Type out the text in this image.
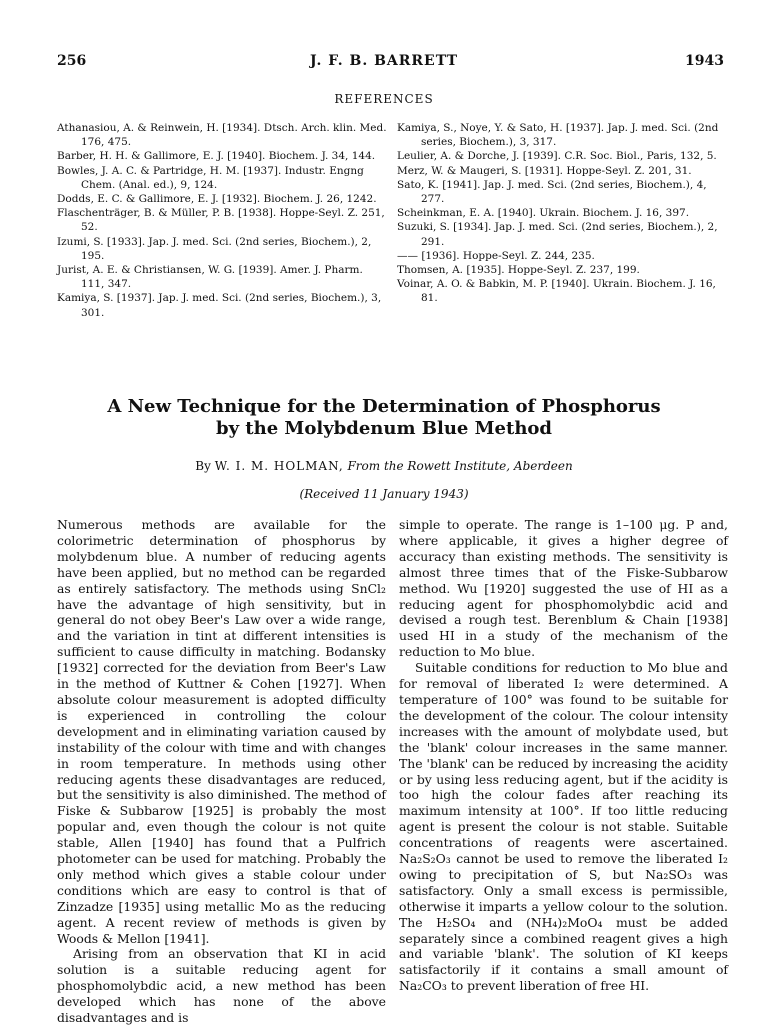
256	J. F. B. BARRETT	1943
REFERENCES

Athanasiou, A. & Reinwein, H. [1934]. Dtsch. Arch. klin. Med. 176, 475.

Barber, H. H. & Gallimore, E. J. [1940]. Biochem. J. 34, 144.

Bowles, J. A. C. & Partridge, H. M. [1937]. Industr. Engng Chem. (Anal. ed.), 9, 124.

Dodds, E. C. & Gallimore, E. J. [1932]. Biochem. J. 26, 1242.

Flaschenträger, B. & Müller, P. B. [1938]. Hoppe-Seyl. Z. 251, 52.

Izumi, S. [1933]. Jap. J. med. Sci. (2nd series, Biochem.), 2, 195.

Jurist, A. E. & Christiansen, W. G. [1939]. Amer. J. Pharm. 111, 347.

Kamiya, S. [1937]. Jap. J. med. Sci. (2nd series, Biochem.), 3, 301.

Kamiya, S., Noye, Y. & Sato, H. [1937]. Jap. J. med. Sci. (2nd series, Biochem.), 3, 317.

Leulier, A. & Dorche, J. [1939]. C.R. Soc. Biol., Paris, 132, 5.

Merz, W. & Maugeri, S. [1931]. Hoppe-Seyl. Z. 201, 31.

Sato, K. [1941]. Jap. J. med. Sci. (2nd series, Biochem.), 4, 277.

Scheinkman, E. A. [1940]. Ukrain. Biochem. J. 16, 397.

Suzuki, S. [1934]. Jap. J. med. Sci. (2nd series, Biochem.), 2, 291.

—— [1936]. Hoppe-Seyl. Z. 244, 235.

Thomsen, A. [1935]. Hoppe-Seyl. Z. 237, 199.

Voinar, A. O. & Babkin, M. P. [1940]. Ukrain. Biochem. J. 16, 81.

A New Technique for the Determination of Phosphorus
by the Molybdenum Blue Method
By W. I. M. HOLMAN, From the Rowett Institute, Aberdeen
(Received 11 January 1943)

Numerous methods are available for the colorimetric determination of phosphorus by molybdenum blue. A number of reducing agents have been applied, but no method can be regarded as entirely satisfactory. The methods using SnCl₂ have the advantage of high sensitivity, but in general do not obey Beer's Law over a wide range, and the variation in tint at different intensities is sufficient to cause difficulty in matching. Bodansky [1932] corrected for the deviation from Beer's Law in the method of Kuttner & Cohen [1927]. When absolute colour measurement is adopted difficulty is experienced in controlling the colour development and in eliminating variation caused by instability of the colour with time and with changes in room temperature. In methods using other reducing agents these disadvantages are reduced, but the sensitivity is also diminished. The method of Fiske & Subbarow [1925] is probably the most popular and, even though the colour is not quite stable, Allen [1940] has found that a Pulfrich photometer can be used for matching. Probably the only method which gives a stable colour under conditions which are easy to control is that of Zinzadze [1935] using metallic Mo as the reducing agent. A recent review of methods is given by Woods & Mellon [1941].

Arising from an observation that KI in acid solution is a suitable reducing agent for phosphomolybdic acid, a new method has been developed which has none of the above disadvantages and is

simple to operate. The range is 1–100 μg. P and, where applicable, it gives a higher degree of accuracy than existing methods. The sensitivity is almost three times that of the Fiske-Subbarow method. Wu [1920] suggested the use of HI as a reducing agent for phosphomolybdic acid and devised a rough test. Berenblum & Chain [1938] used HI in a study of the mechanism of the reduction to Mo blue.

Suitable conditions for reduction to Mo blue and for removal of liberated I₂ were determined. A temperature of 100° was found to be suitable for the development of the colour. The colour intensity increases with the amount of molybdate used, but the 'blank' colour increases in the same manner. The 'blank' can be reduced by increasing the acidity or by using less reducing agent, but if the acidity is too high the colour fades after reaching its maximum intensity at 100°. If too little reducing agent is present the colour is not stable. Suitable concentrations of reagents were ascertained. Na₂S₂O₃ cannot be used to remove the liberated I₂ owing to precipitation of S, but Na₂SO₃ was satisfactory. Only a small excess is permissible, otherwise it imparts a yellow colour to the solution. The H₂SO₄ and (NH₄)₂MoO₄ must be added separately since a combined reagent gives a high and variable 'blank'. The solution of KI keeps satisfactorily if it contains a small amount of Na₂CO₃ to prevent liberation of free HI.
